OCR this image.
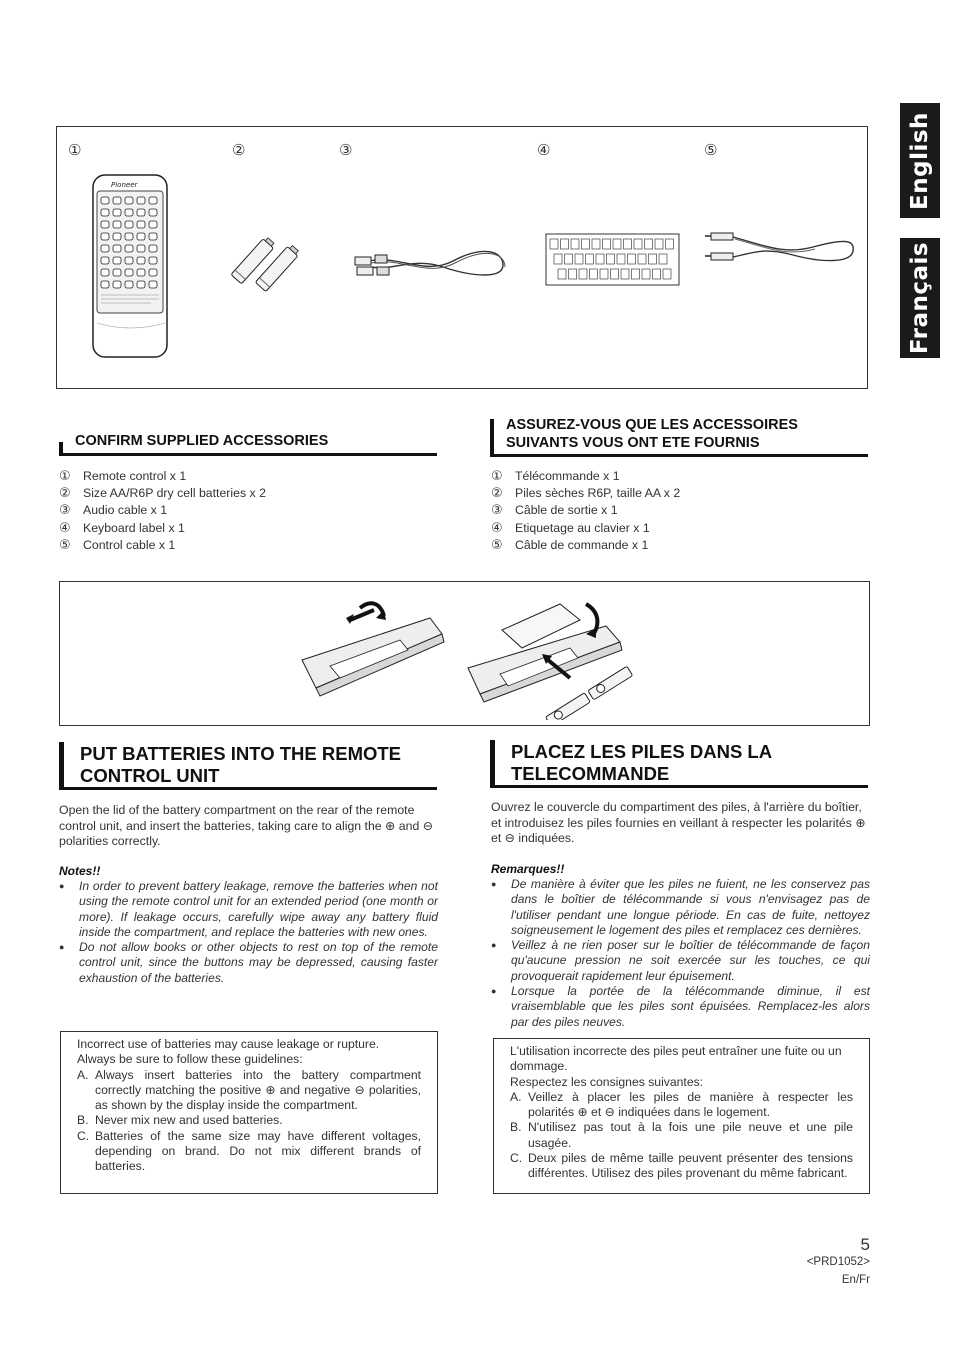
English
Français
①	②	③	④	⑤
Pioneer
CONFIRM SUPPLIED ACCESSORIES
ASSUREZ-VOUS QUE LES ACCESSOIRES
SUIVANTS VOUS ONT ETE FOURNIS
① Remote control x 1
② Size AA/R6P dry cell batteries x 2
③ Audio cable x 1
④ Keyboard label x 1
⑤ Control cable x 1
① Télécommande x 1
② Piles sèches R6P, taille AA x 2
③ Câble de sortie x 1
④ Etiquetage au clavier x 1
⑤ Câble de commande x 1
PUT BATTERIES INTO THE REMOTE
CONTROL UNIT
PLACEZ LES PILES DANS LA
TELECOMMANDE

Open the lid of the battery compartment on the rear of the remote control unit, and insert the batteries, taking care to align the ⊕ and ⊖ polarities correctly.

Ouvrez le couvercle du compartiment des piles, à l'arrière du boîtier, et introduisez les piles fournies en veillant à respecter les polarités ⊕ et ⊖ indiquées.

Notes!!
● In order to prevent battery leakage, remove the batteries when not using the remote control unit for an extended period (one month or more). If leakage occurs, carefully wipe away any battery fluid inside the compartment, and replace the batteries with new ones.
● Do not allow books or other objects to rest on top of the remote control unit, since the buttons may be depressed, causing faster exhaustion of the batteries.
Remarques!!
● De manière à éviter que les piles ne fuient, ne les conservez pas dans le boîtier de télécommande si vous n'envisagez pas de l'utiliser pendant une longue période. En cas de fuite, nettoyez soigneusement le logement des piles et remplacez ces dernières.
● Veillez à ne rien poser sur le boîtier de télécommande de façon qu'aucune pression ne soit exercée sur les touches, ce qui provoquerait rapidement leur épuisement.
● Lorsque la portée de la télécommande diminue, il est vraisemblable que les piles sont épuisées. Remplacez-les alors par des piles neuves.
Incorrect use of batteries may cause leakage or rupture.
Always be sure to follow these guidelines:
A. Always insert batteries into the battery compartment correctly matching the positive ⊕ and negative ⊖ polarities, as shown by the display inside the compartment.
B. Never mix new and used batteries.
C. Batteries of the same size may have different voltages, depending on brand. Do not mix different brands of batteries.
L'utilisation incorrecte des piles peut entraîner une fuite ou un dommage.
Respectez les consignes suivantes:
A. Veillez à placer les piles de manière à respecter les polarités ⊕ et ⊖ indiquées dans le logement.
B. N'utilisez pas tout à la fois une pile neuve et une pile usagée.
C. Deux piles de même taille peuvent présenter des tensions différentes. Utilisez des piles provenant du même fabricant.
5
<PRD1052>
En/Fr
